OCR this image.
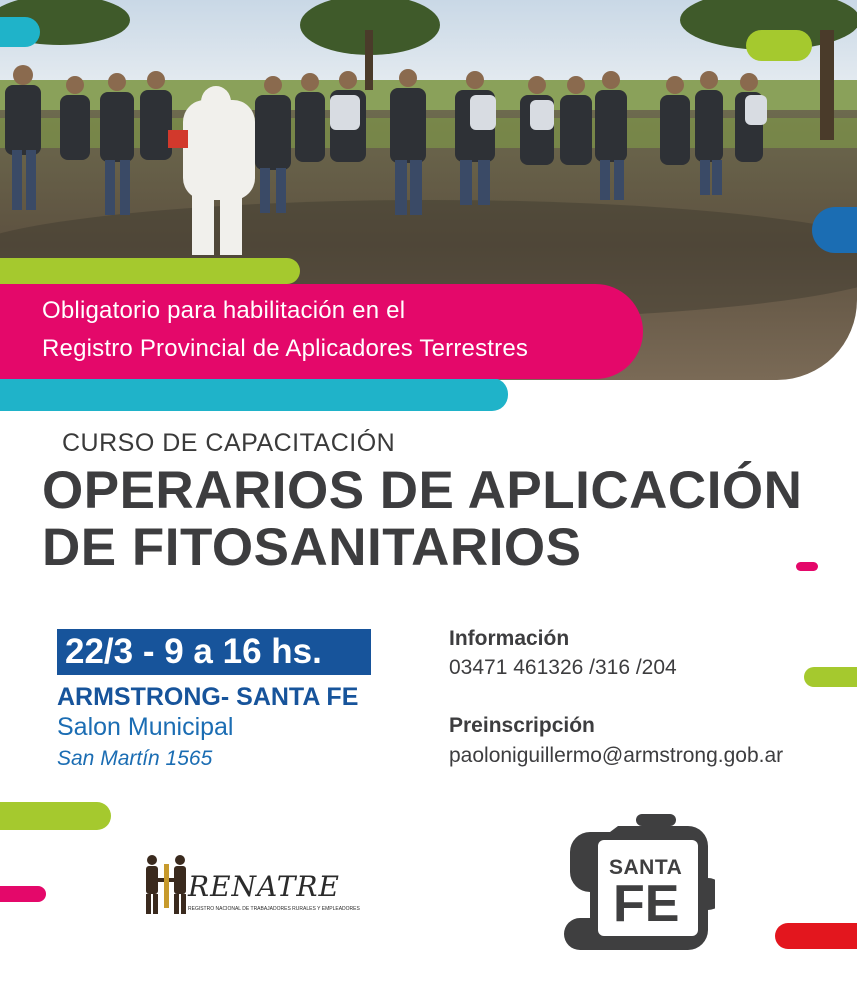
Obligatorio para habilitación en el
Registro Provincial de Aplicadores Terrestres
CURSO DE CAPACITACIÓN
OPERARIOS DE APLICACIÓN
DE FITOSANITARIOS
22/3 - 9 a 16 hs.
ARMSTRONG- SANTA FE
Salon Municipal
San Martín 1565
Información
03471 461326 /316 /204
Preinscripción
paoloniguillermo@armstrong.gob.ar
RENATRE
REGISTRO NACIONAL DE TRABAJADORES RURALES Y EMPLEADORES
SANTA
FE
